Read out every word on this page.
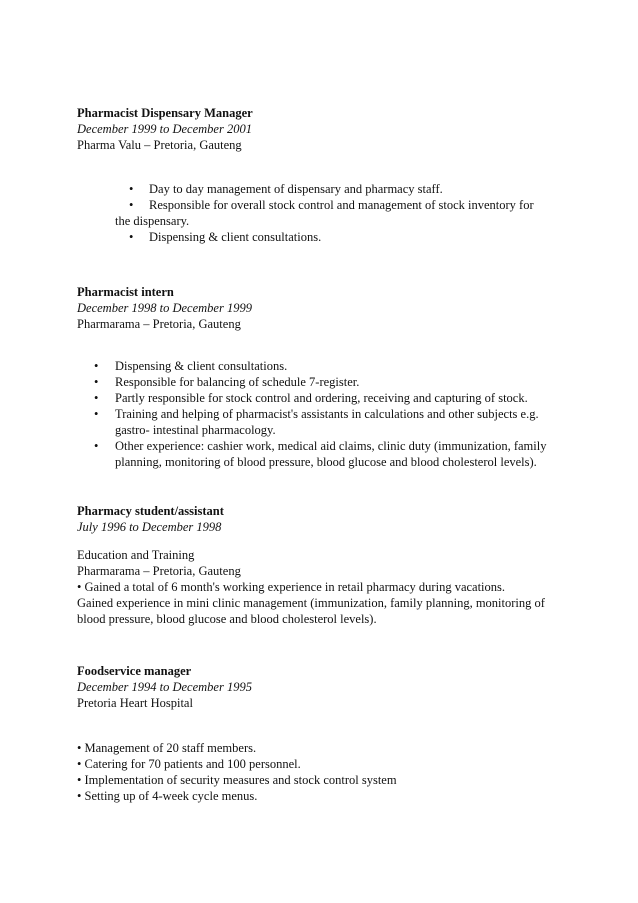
Pharmacist Dispensary Manager
December 1999 to December 2001
Pharma Valu – Pretoria, Gauteng
• Day to day management of dispensary and pharmacy staff.
• Responsible for overall stock control and management of stock inventory for
the dispensary.
• Dispensing & client consultations.
Pharmacist intern
December 1998 to December 1999
Pharmarama – Pretoria, Gauteng
• Dispensing & client consultations.
• Responsible for balancing of schedule 7-register.
• Partly responsible for stock control and ordering, receiving and capturing of stock.
• Training and helping of pharmacist's assistants in calculations and other subjects e.g.
gastro- intestinal pharmacology.
• Other experience: cashier work, medical aid claims, clinic duty (immunization, family
planning, monitoring of blood pressure, blood glucose and blood cholesterol levels).
Pharmacy student/assistant
July 1996 to December 1998
Education and Training
Pharmarama – Pretoria, Gauteng
• Gained a total of 6 month's working experience in retail pharmacy during vacations.
Gained experience in mini clinic management (immunization, family planning, monitoring of
blood pressure, blood glucose and blood cholesterol levels).
Foodservice manager
December 1994 to December 1995
Pretoria Heart Hospital
• Management of 20 staff members.
• Catering for 70 patients and 100 personnel.
• Implementation of security measures and stock control system
• Setting up of 4-week cycle menus.
